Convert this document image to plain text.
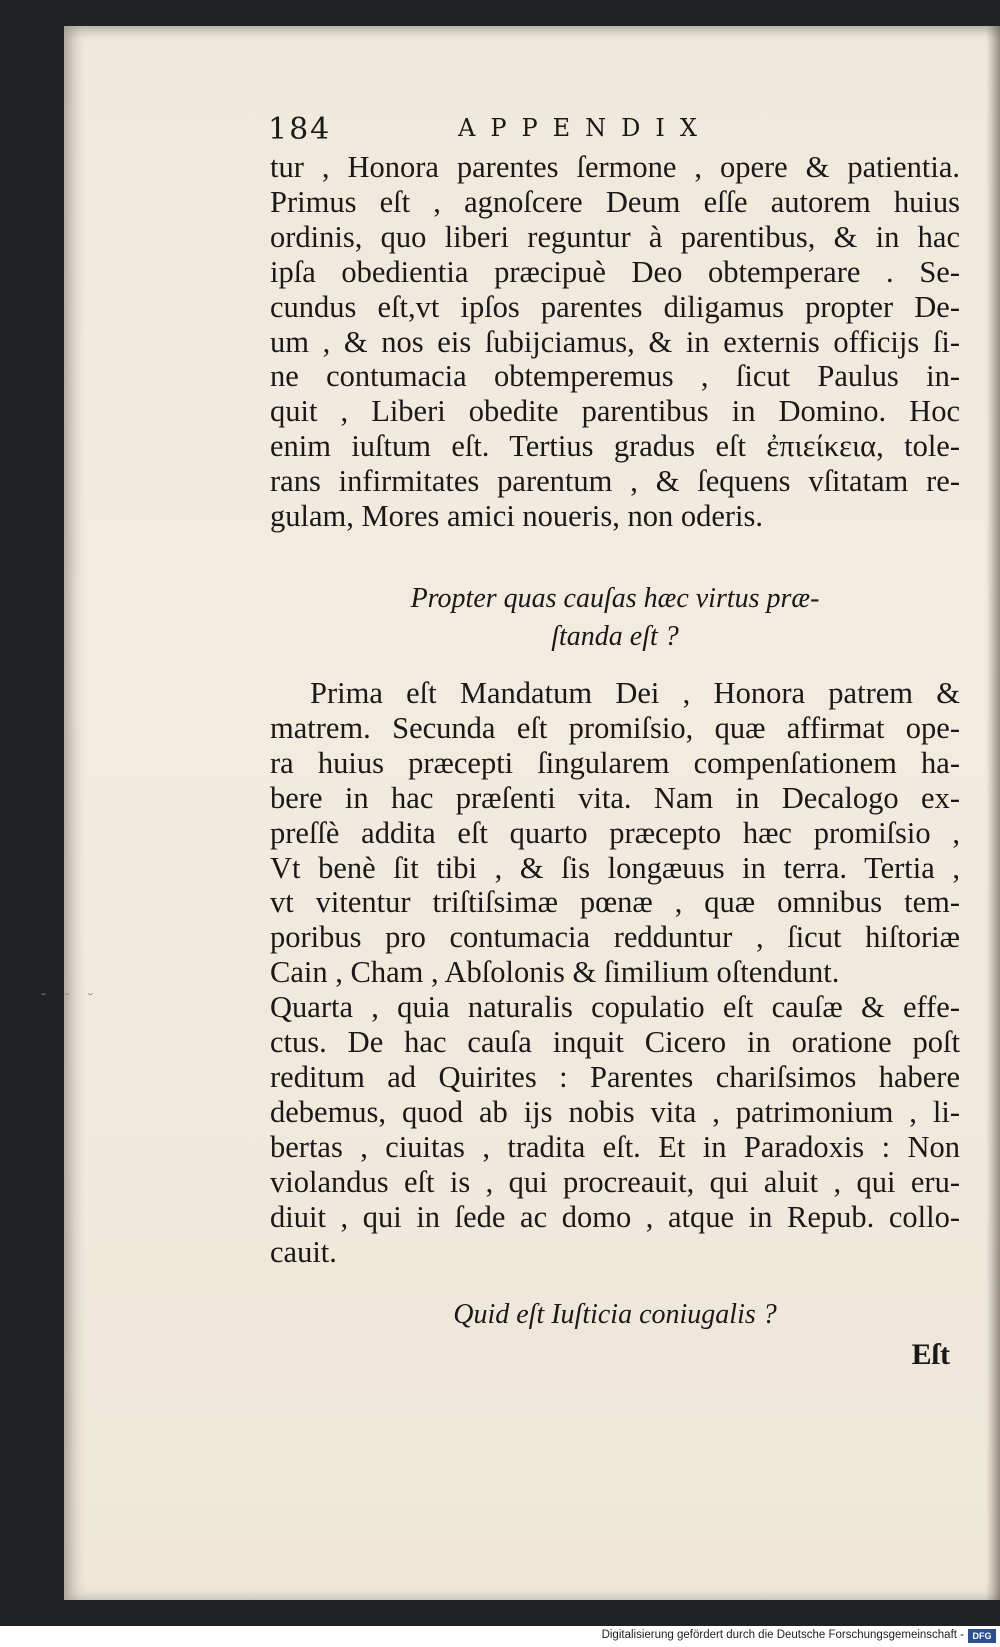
184	APPENDIX
tur , Honora parentes ſermone , opere & patientia.
Primus eſt , agnoſcere Deum eſſe autorem huius
ordinis, quo liberi reguntur à parentibus, & in hac
ipſa obedientia præcipuè Deo obtemperare . Se-
cundus eſt,vt ipſos parentes diligamus propter De-
um , & nos eis ſubijciamus, & in externis officijs ſi-
ne contumacia obtemperemus , ſicut Paulus in-
quit , Liberi obedite parentibus in Domino. Hoc
enim iuſtum eſt. Tertius gradus eſt ἐπιείκεια, tole-
rans infirmitates parentum , & ſequens vſitatam re-
gulam, Mores amici noueris, non oderis.
Propter quas cauſas hæc virtus præ-
ſtanda eſt ?
Prima eſt Mandatum Dei , Honora patrem &
matrem. Secunda eſt promiſsio, quæ affirmat ope-
ra huius præcepti ſingularem compenſationem ha-
bere in hac præſenti vita. Nam in Decalogo ex-
preſſè addita eſt quarto præcepto hæc promiſsio ,
Vt benè ſit tibi , & ſis longæuus in terra. Tertia ,
vt vitentur triſtiſsimæ pœnæ , quæ omnibus tem-
poribus pro contumacia redduntur , ſicut hiſtoriæ
Cain , Cham , Abſolonis & ſimilium oſtendunt.
Quarta , quia naturalis copulatio eſt cauſæ & effe-
ctus. De hac cauſa inquit Cicero in oratione poſt
reditum ad Quirites : Parentes chariſsimos habere
debemus, quod ab ijs nobis vita , patrimonium , li-
bertas , ciuitas , tradita eſt. Et in Paradoxis : Non
violandus eſt is , qui procreauit, qui aluit , qui eru-
diuit , qui in ſede ac domo , atque in Repub. collo-
cauit.
Quid eſt Iuſticia coniugalis ?
Eſt
˘ ˘ ˘
Digitalisierung gefördert durch die Deutsche Forschungsgemeinschaft - DFG
